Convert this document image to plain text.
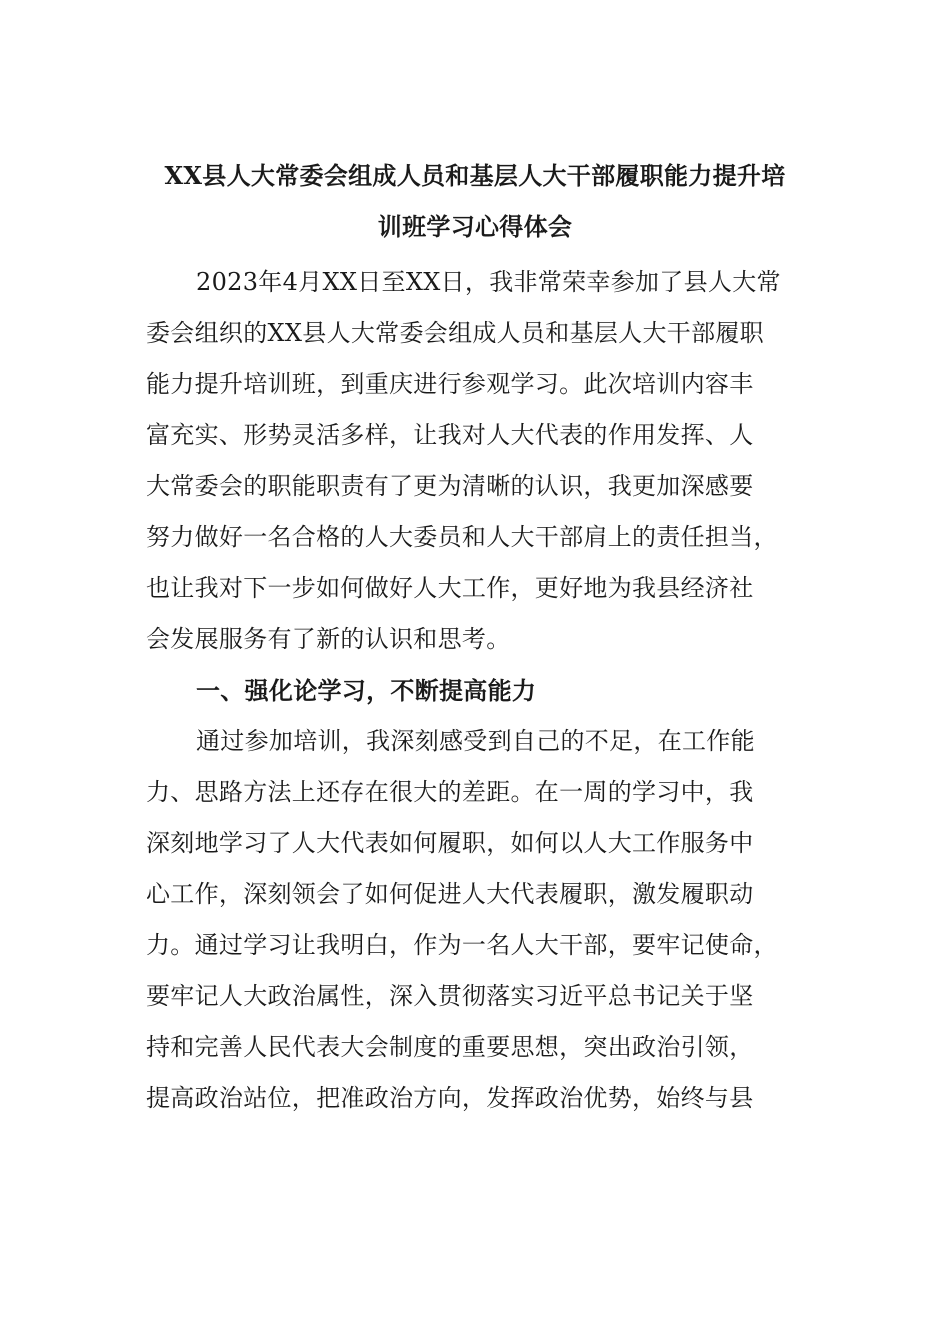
XX县人大常委会组成人员和基层人大干部履职能力提升培
训班学习心得体会
2023年4月XX日至XX日，我非常荣幸参加了县人大常
委会组织的XX县人大常委会组成人员和基层人大干部履职
能力提升培训班，到重庆进行参观学习。此次培训内容丰
富充实、形势灵活多样，让我对人大代表的作用发挥、人
大常委会的职能职责有了更为清晰的认识，我更加深感要
努力做好一名合格的人大委员和人大干部肩上的责任担当，
也让我对下一步如何做好人大工作，更好地为我县经济社
会发展服务有了新的认识和思考。
一、强化论学习，不断提高能力
通过参加培训，我深刻感受到自己的不足，在工作能
力、思路方法上还存在很大的差距。在一周的学习中，我
深刻地学习了人大代表如何履职，如何以人大工作服务中
心工作，深刻领会了如何促进人大代表履职，激发履职动
力。通过学习让我明白，作为一名人大干部，要牢记使命，
要牢记人大政治属性，深入贯彻落实习近平总书记关于坚
持和完善人民代表大会制度的重要思想，突出政治引领，
提高政治站位，把准政治方向，发挥政治优势，始终与县
